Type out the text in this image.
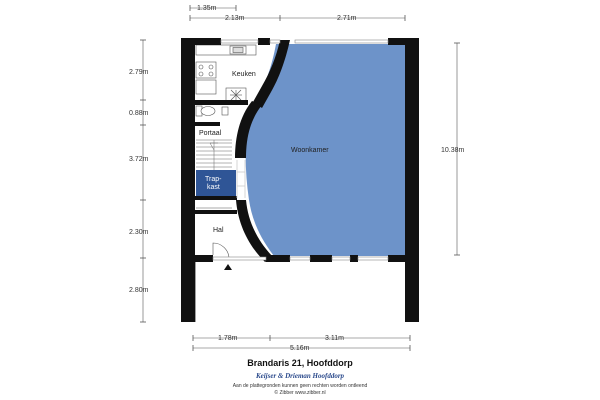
1.35m
2.13m	2.71m
2.79m
0.88m
3.72m
2.30m
2.80m
10.38m
1.78m	3.11m
5.16m
Keuken
Woonkamer
Portaal
Trap-
kast
Hal
Brandaris 21, Hoofddorp
Keijser & Drieman Hoofddorp
Aan de plattegronden kunnen geen rechten worden ontleend
© Zibber www.zibber.nl
